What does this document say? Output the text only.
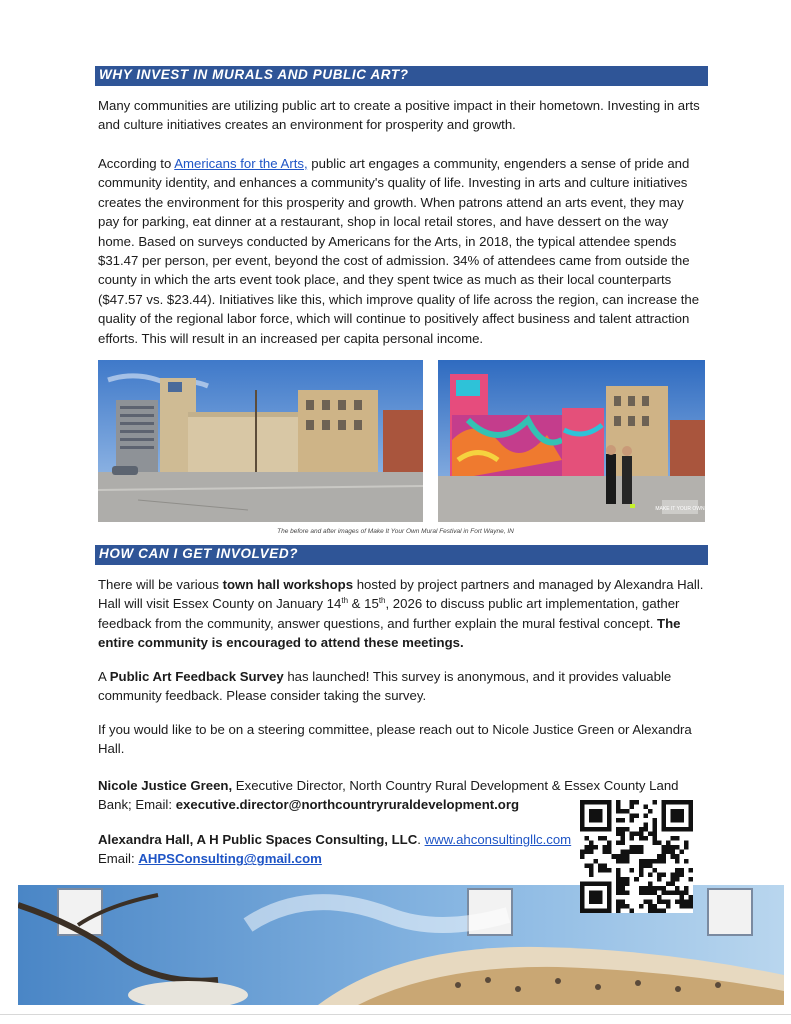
WHY INVEST IN MURALS AND PUBLIC ART?

Many communities are utilizing public art to create a positive impact in their hometown. Investing in arts and culture initiatives creates an environment for prosperity and growth.

According to Americans for the Arts, public art engages a community, engenders a sense of pride and community identity, and enhances a community's quality of life. Investing in arts and culture initiatives creates the environment for this prosperity and growth. When patrons attend an arts event, they may pay for parking, eat dinner at a restaurant, shop in local retail stores, and have dessert on the way home. Based on surveys conducted by Americans for the Arts, in 2018, the typical attendee spends $31.47 per person, per event, beyond the cost of admission. 34% of attendees came from outside the county in which the arts event took place, and they spent twice as much as their local counterparts ($47.57 vs. $23.44). Initiatives like this, which improve quality of life across the region, can increase the quality of the regional labor force, which will continue to positively affect business and talent attraction efforts. This will result in an increased per capita personal income.

MAKE IT YOUR OWN
The before and after images of Make It Your Own Mural Festival in Fort Wayne, IN
HOW CAN I GET INVOLVED?

There will be various town hall workshops hosted by project partners and managed by Alexandra Hall. Hall will visit Essex County on January 14th & 15th, 2026 to discuss public art implementation, gather feedback from the community, answer questions, and further explain the mural festival concept. The entire community is encouraged to attend these meetings.

A Public Art Feedback Survey has launched! This survey is anonymous, and it provides valuable community feedback. Please consider taking the survey.

If you would like to be on a steering committee, please reach out to Nicole Justice Green or Alexandra Hall.

Nicole Justice Green, Executive Director, North Country Rural Development & Essex County Land Bank; Email: executive.director@northcountryruraldevelopment.org

Alexandra Hall, A H Public Spaces Consulting, LLC. www.ahconsultingllc.com
Email: AHPSConsulting@gmail.com
